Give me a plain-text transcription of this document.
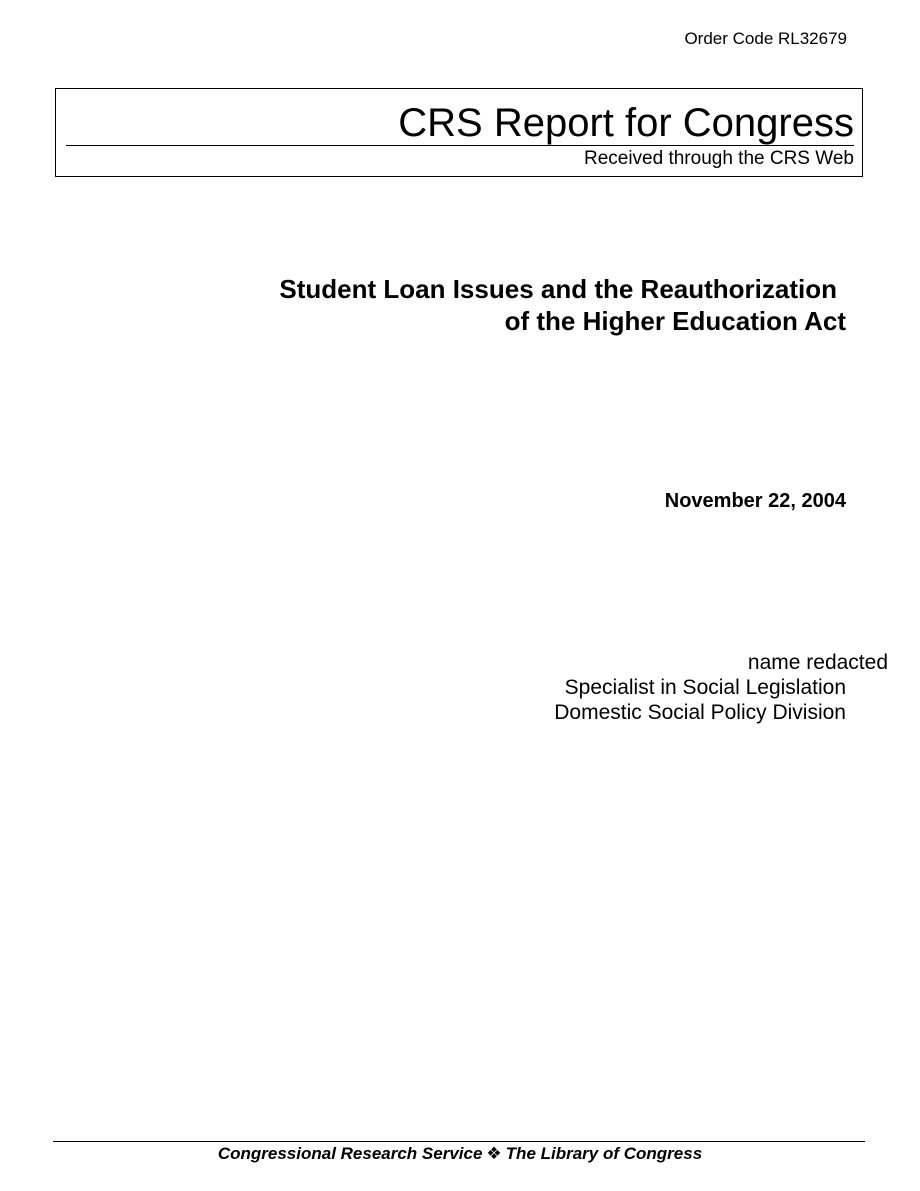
Order Code RL32679
CRS Report for Congress
Received through the CRS Web
Student Loan Issues and the Reauthorization
of the Higher Education Act
November 22, 2004
name redacted
Specialist in Social Legislation
Domestic Social Policy Division
Congressional Research Service ❖ The Library of Congress
